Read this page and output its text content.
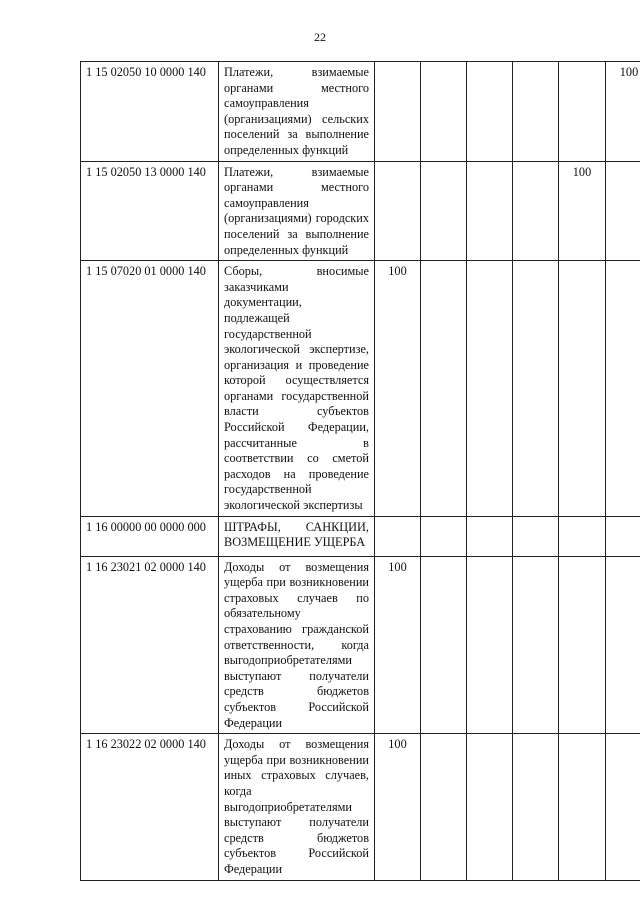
22
1 15 02050 10 0000 140	Платежи, взимаемые органами местного самоуправления (организациями) сельских поселений за выполнение определенных функций						100
1 15 02050 13 0000 140	Платежи, взимаемые органами местного самоуправления (организациями) городских поселений за выполнение определенных функций					100	
1 15 07020 01 0000 140	Сборы, вносимые заказчиками документации, подлежащей государственной экологической экспертизе, организация и проведение которой осуществляется органами государственной власти субъектов Российской Федерации, рассчитанные в соответствии со сметой расходов на проведение государственной экологической экспертизы	100					
1 16 00000 00 0000 000	ШТРАФЫ, САНКЦИИ, ВОЗМЕЩЕНИЕ УЩЕРБА						
1 16 23021 02 0000 140	Доходы от возмещения ущерба при возникновении страховых случаев по обязательному страхованию гражданской ответственности, когда выгодоприобретателями выступают получатели средств бюджетов субъектов Российской Федерации	100					
1 16 23022 02 0000 140	Доходы от возмещения ущерба при возникновении иных страховых случаев, когда выгодоприобретателями выступают получатели средств бюджетов субъектов Российской Федерации	100					
